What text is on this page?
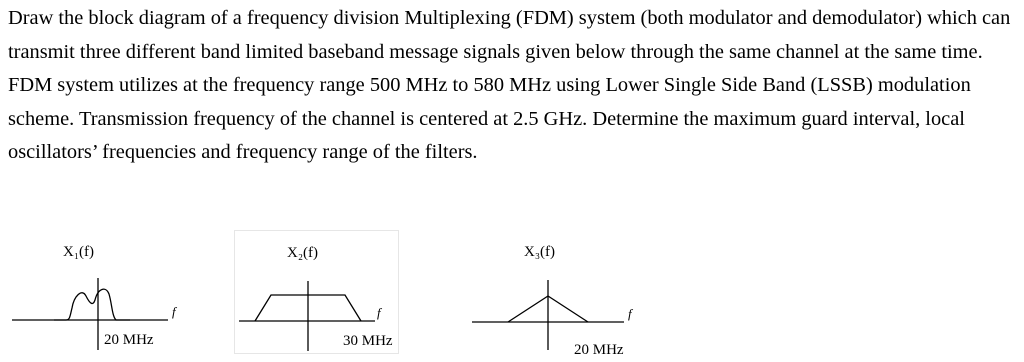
Draw the block diagram of a frequency division Multiplexing (FDM) system (both modulator and demodulator) which can transmit three different band limited baseband message signals given below through the same channel at the same time. FDM system utilizes at the frequency range 500 MHz to 580 MHz using Lower Single Side Band (LSSB) modulation scheme. Transmission frequency of the channel is centered at 2.5 GHz. Determine the maximum guard interval, local oscillators’ frequencies and frequency range of the filters.

X₁(f)
f
20 MHz
X₂(f)
f
30 MHz
X₃(f)
f
20 MHz
